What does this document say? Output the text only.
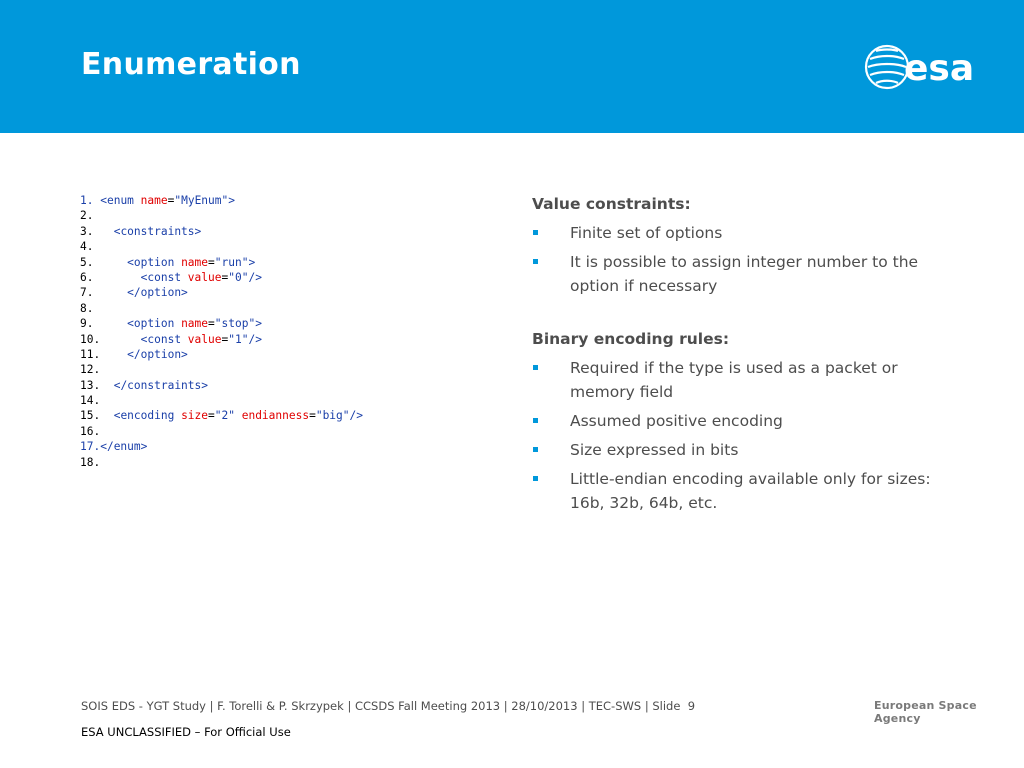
Enumeration	esa
1. <enum name="MyEnum">
2.
3. <constraints>
4.
5.	<option name="run">
6.	<const value="0"/>
7.	</option>
8.
9.	<option name="stop">
10.	<const value="1"/>
11. </option>
12.
13. </constraints>
14.
15. <encoding size="2" endianness="big"/>
16.
17.</enum>
18.
Value constraints:
Finite set of options
It is possible to assign integer number to the option if necessary
Binary encoding rules:
Required if the type is used as a packet or memory field
Assumed positive encoding
Size expressed in bits
Little-endian encoding available only for sizes: 16b, 32b, 64b, etc.
SOIS EDS - YGT Study | F. Torelli & P. Skrzypek | CCSDS Fall Meeting 2013 | 28/10/2013 | TEC-SWS | Slide  9	European Space Agency
ESA UNCLASSIFIED – For Official Use
